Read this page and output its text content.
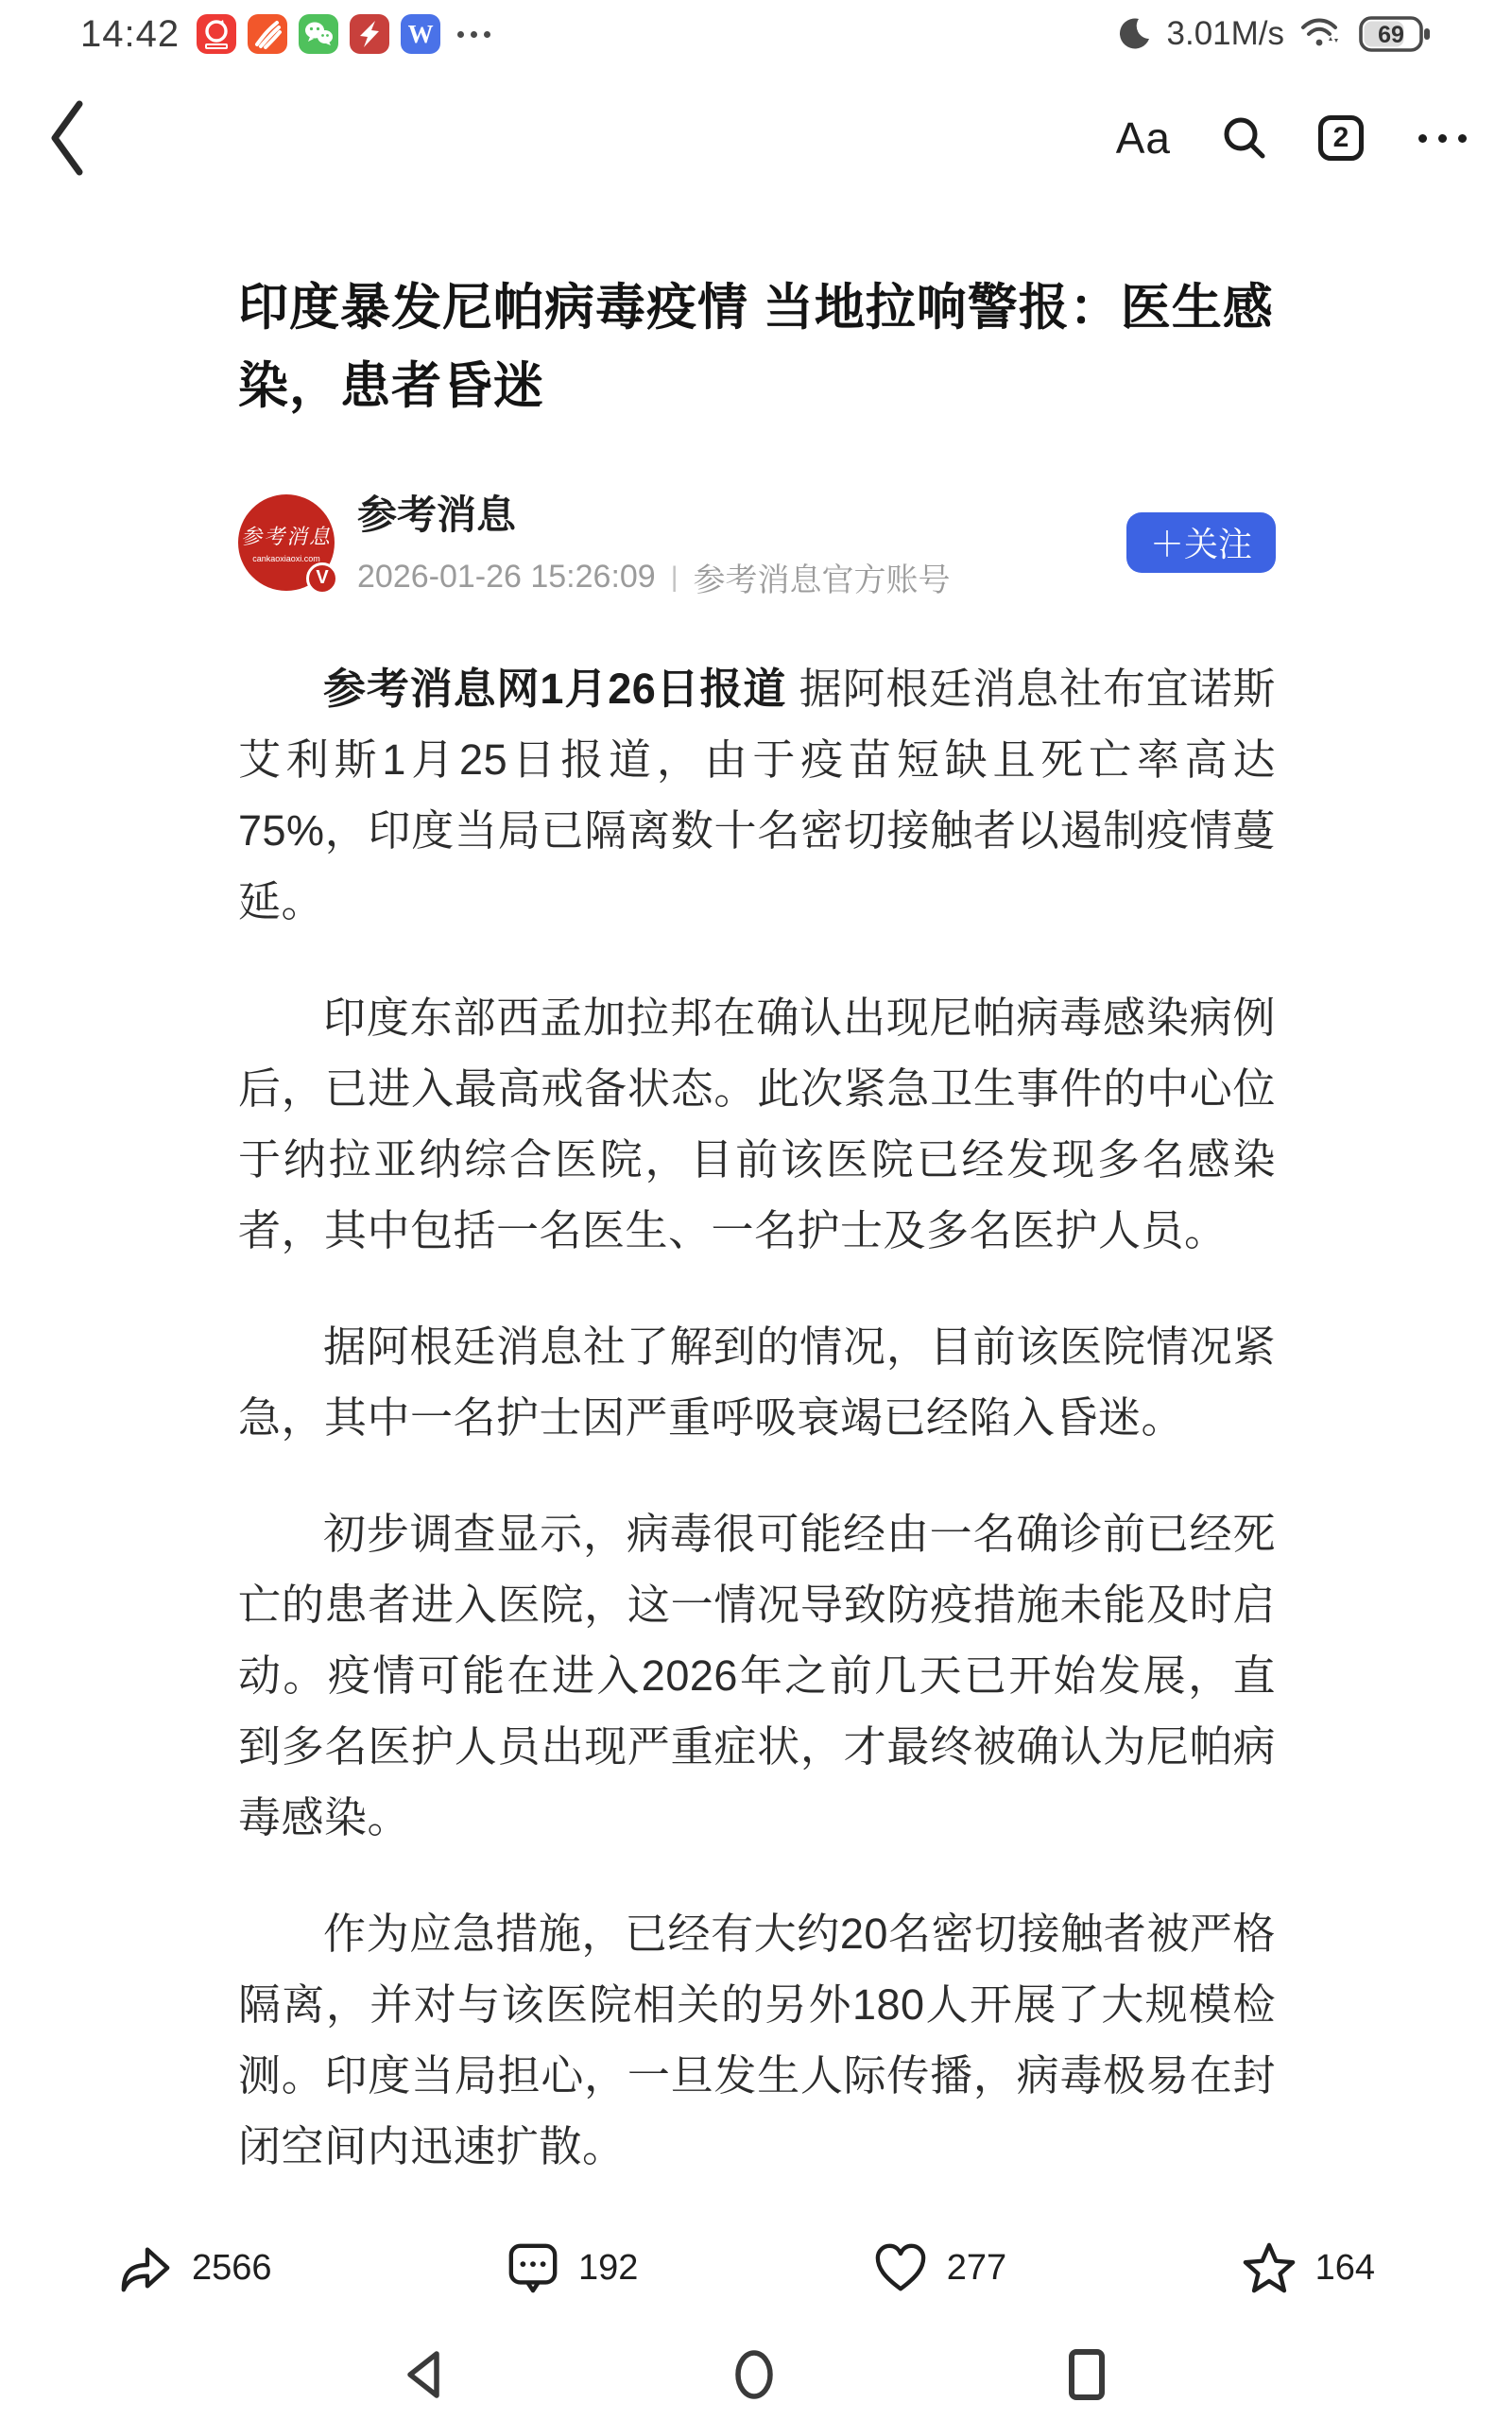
14:42	W	3.01M/s	69
Aa	2
印度暴发尼帕病毒疫情 当地拉响警报：医生感染，患者昏迷
参考消息
cankaoxiaoxi.com
V
参考消息
2026-01-26 15:26:09 | 参考消息官方账号
＋关注

参考消息网1月26日报道 据阿根廷消息社布宜诺斯艾利斯1月25日报道，由于疫苗短缺且死亡率高达75%，印度当局已隔离数十名密切接触者以遏制疫情蔓延。

印度东部西孟加拉邦在确认出现尼帕病毒感染病例后，已进入最高戒备状态。此次紧急卫生事件的中心位于纳拉亚纳综合医院，目前该医院已经发现多名感染者，其中包括一名医生、一名护士及多名医护人员。

据阿根廷消息社了解到的情况，目前该医院情况紧急，其中一名护士因严重呼吸衰竭已经陷入昏迷。

初步调查显示，病毒很可能经由一名确诊前已经死亡的患者进入医院，这一情况导致防疫措施未能及时启动。疫情可能在进入2026年之前几天已开始发展，直到多名医护人员出现严重症状，才最终被确认为尼帕病毒感染。

作为应急措施，已经有大约20名密切接触者被严格隔离，并对与该医院相关的另外180人开展了大规模检测。印度当局担心，一旦发生人际传播，病毒极易在封闭空间内迅速扩散。

2566	192	277	164
